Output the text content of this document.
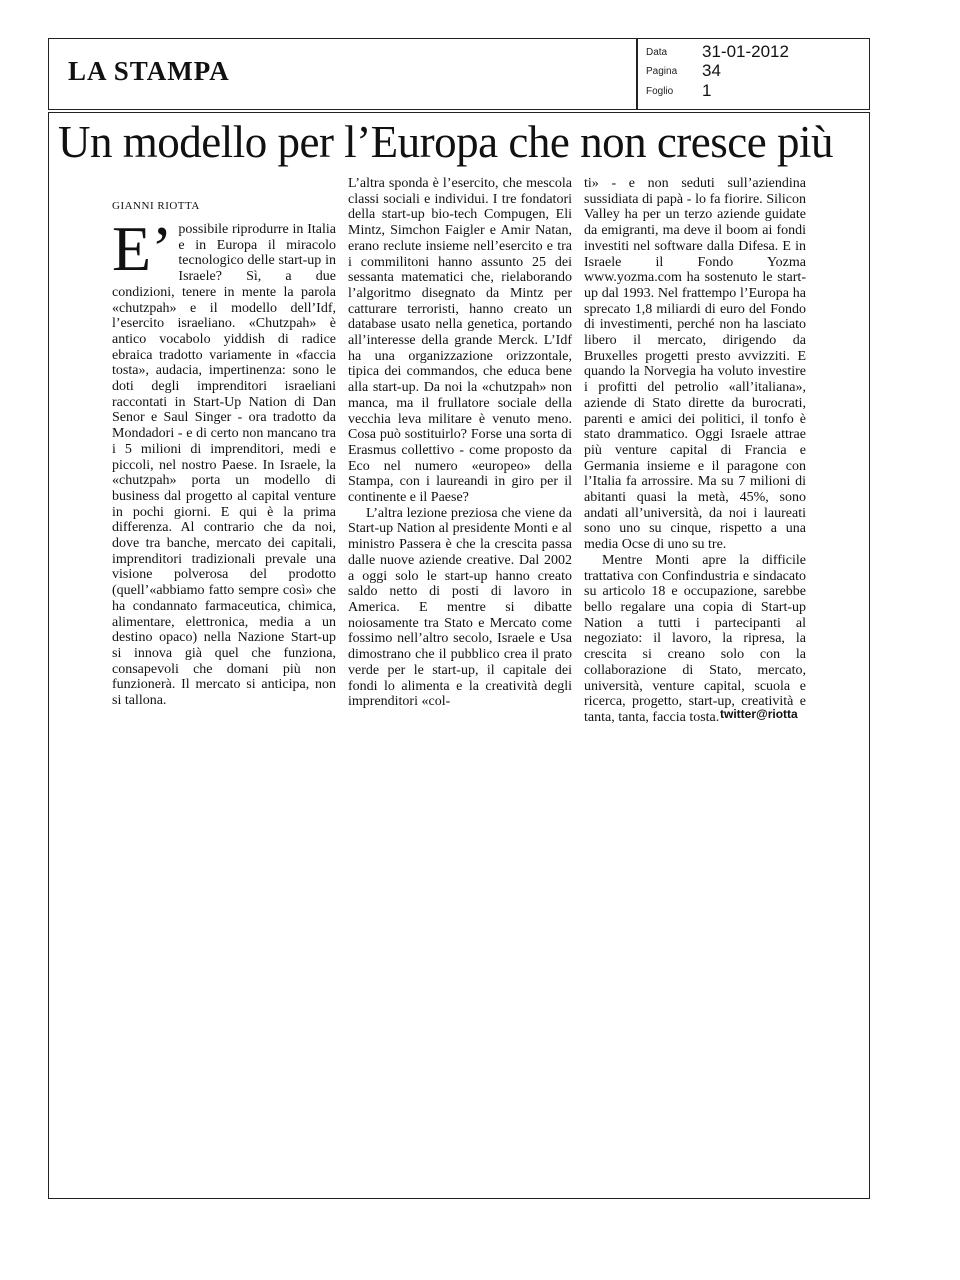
LA STAMPA
Data 31-01-2012
Pagina 34
Foglio 1
Un modello per l’Europa che non cresce più
GIANNI RIOTTA
E’ possibile riprodurre in Italia e in Europa il miracolo tecnologico delle start-up in Israele? Sì, a due condizioni, tenere in mente la parola «chutzpah» e il modello dell’Idf, l’esercito israeliano. «Chutzpah» è antico vocabolo yiddish di radice ebraica tradotto variamente in «faccia tosta», audacia, impertinenza: sono le doti degli imprenditori israeliani raccontati in Start-Up Nation di Dan Senor e Saul Singer - ora tradotto da Mondadori - e di certo non mancano tra i 5 milioni di imprenditori, medi e piccoli, nel nostro Paese. In Israele, la «chutzpah» porta un modello di business dal progetto al capital venture in pochi giorni. E qui è la prima differenza. Al contrario che da noi, dove tra banche, mercato dei capitali, imprenditori tradizionali prevale una visione polverosa del prodotto (quell’«abbiamo fatto sempre così» che ha condannato farmaceutica, chimica, alimentare, elettronica, media a un destino opaco) nella Nazione Start-up si innova già quel che funziona, consapevoli che domani più non funzionerà. Il mercato si anticipa, non si tallona.

L’altra sponda è l’esercito, che mescola classi sociali e individui. I tre fondatori della start-up bio-tech Compugen, Eli Mintz, Simchon Faigler e Amir Natan, erano reclute insieme nell’esercito e tra i commilitoni hanno assunto 25 dei sessanta matematici che, rielaborando l’algoritmo disegnato da Mintz per catturare terroristi, hanno creato un database usato nella genetica, portando all’interesse della grande Merck. L’Idf ha una organizzazione orizzontale, tipica dei commandos, che educa bene alla start-up. Da noi la «chutzpah» non manca, ma il frullatore sociale della vecchia leva militare è venuto meno. Cosa può sostituirlo? Forse una sorta di Erasmus collettivo - come proposto da Eco nel numero «europeo» della Stampa, con i laureandi in giro per il continente e il Paese?

L’altra lezione preziosa che viene da Start-up Nation al presidente Monti e al ministro Passera è che la crescita passa dalle nuove aziende creative. Dal 2002 a oggi solo le start-up hanno creato saldo netto di posti di lavoro in America. E mentre si dibatte noiosamente tra Stato e Mercato come fossimo nell’altro secolo, Israele e Usa dimostrano che il pubblico crea il prato verde per le start-up, il capitale dei fondi lo alimenta e la creatività degli imprenditori «col-

ti» - e non seduti sull’aziendina sussidiata di papà - lo fa fiorire. Silicon Valley ha per un terzo aziende guidate da emigranti, ma deve il boom ai fondi investiti nel software dalla Difesa. E in Israele il Fondo Yozma www.yozma.com ha sostenuto le start-up dal 1993. Nel frattempo l’Europa ha sprecato 1,8 miliardi di euro del Fondo di investimenti, perché non ha lasciato libero il mercato, dirigendo da Bruxelles progetti presto avvizziti. E quando la Norvegia ha voluto investire i profitti del petrolio «all’italiana», aziende di Stato dirette da burocrati, parenti e amici dei politici, il tonfo è stato drammatico. Oggi Israele attrae più venture capital di Francia e Germania insieme e il paragone con l’Italia fa arrossire. Ma su 7 milioni di abitanti quasi la metà, 45%, sono andati all’università, da noi i laureati sono uno su cinque, rispetto a una media Ocse di uno su tre.

Mentre Monti apre la difficile trattativa con Confindustria e sindacato su articolo 18 e occupazione, sarebbe bello regalare una copia di Start-up Nation a tutti i partecipanti al negoziato: il lavoro, la ripresa, la crescita si creano solo con la collaborazione di Stato, mercato, università, venture capital, scuola e ricerca, progetto, start-up, creatività e tanta, tanta, faccia tosta. twitter@riotta
